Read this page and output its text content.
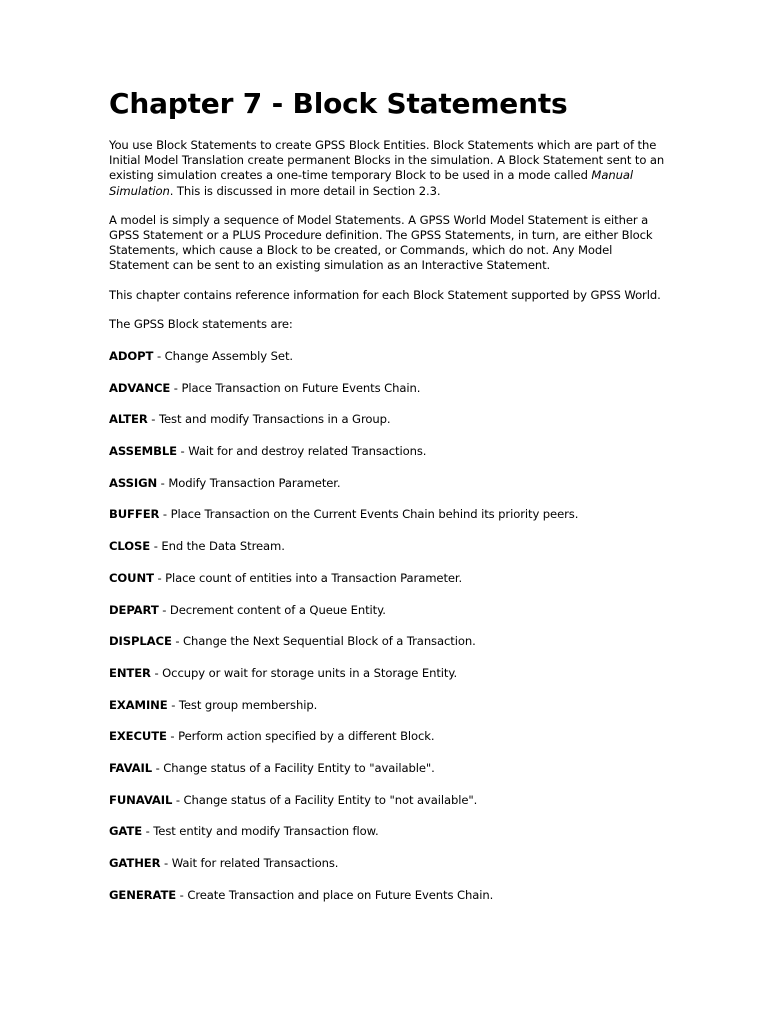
Chapter 7 - Block Statements

You use Block Statements to create GPSS Block Entities. Block Statements which are part of the Initial Model Translation create permanent Blocks in the simulation. A Block Statement sent to an existing simulation creates a one-time temporary Block to be used in a mode called Manual Simulation. This is discussed in more detail in Section 2.3.

A model is simply a sequence of Model Statements. A GPSS World Model Statement is either a GPSS Statement or a PLUS Procedure definition. The GPSS Statements, in turn, are either Block Statements, which cause a Block to be created, or Commands, which do not. Any Model Statement can be sent to an existing simulation as an Interactive Statement.

This chapter contains reference information for each Block Statement supported by GPSS World.

The GPSS Block statements are:

ADOPT - Change Assembly Set.
ADVANCE - Place Transaction on Future Events Chain.
ALTER - Test and modify Transactions in a Group.
ASSEMBLE - Wait for and destroy related Transactions.
ASSIGN - Modify Transaction Parameter.
BUFFER - Place Transaction on the Current Events Chain behind its priority peers.
CLOSE - End the Data Stream.
COUNT - Place count of entities into a Transaction Parameter.
DEPART - Decrement content of a Queue Entity.
DISPLACE - Change the Next Sequential Block of a Transaction.
ENTER - Occupy or wait for storage units in a Storage Entity.
EXAMINE - Test group membership.
EXECUTE - Perform action specified by a different Block.
FAVAIL - Change status of a Facility Entity to "available".
FUNAVAIL - Change status of a Facility Entity to "not available".
GATE - Test entity and modify Transaction flow.
GATHER - Wait for related Transactions.
GENERATE - Create Transaction and place on Future Events Chain.
